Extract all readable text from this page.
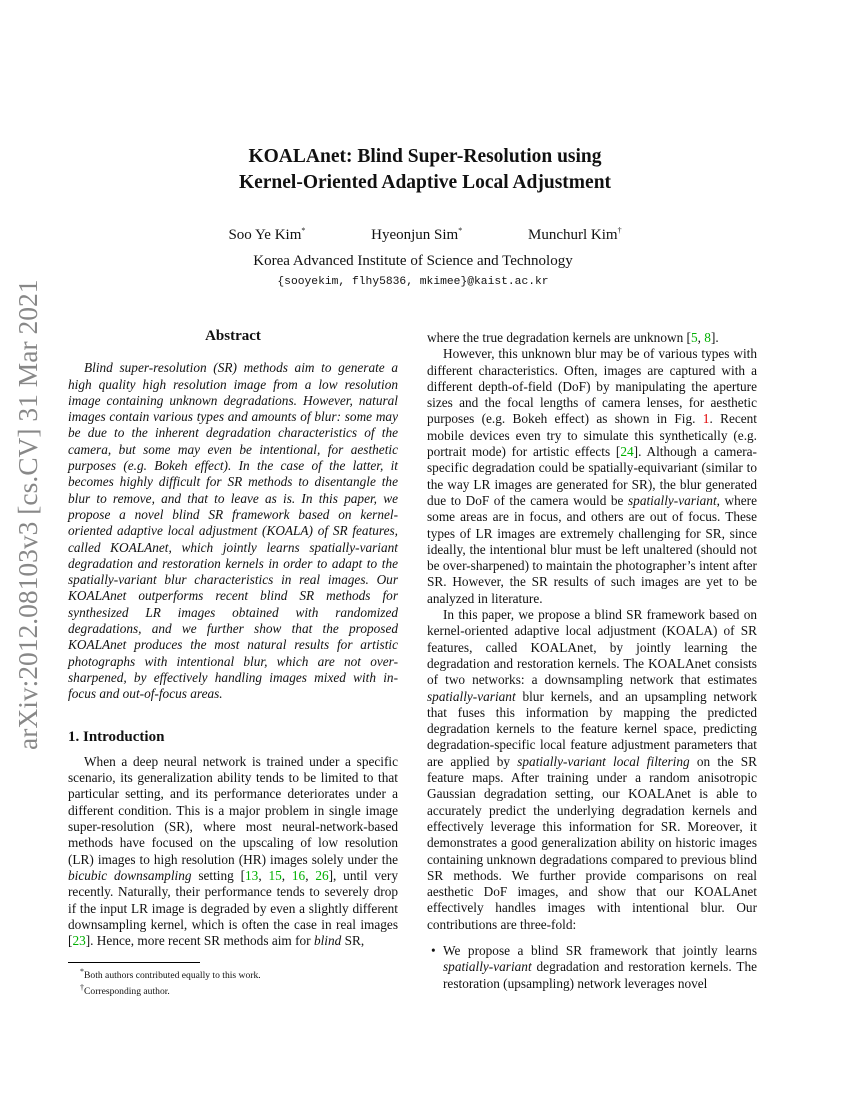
arXiv:2012.08103v3 [cs.CV] 31 Mar 2021
KOALAnet: Blind Super-Resolution using
Kernel-Oriented Adaptive Local Adjustment
Soo Ye Kim*	Hyeonjun Sim*	Munchurl Kim†
Korea Advanced Institute of Science and Technology
{sooyekim, flhy5836, mkimee}@kaist.ac.kr
Abstract

Blind super-resolution (SR) methods aim to generate a high quality high resolution image from a low resolution image containing unknown degradations. However, natural images contain various types and amounts of blur: some may be due to the inherent degradation characteristics of the camera, but some may even be intentional, for aesthetic purposes (e.g. Bokeh effect). In the case of the latter, it becomes highly difficult for SR methods to disentangle the blur to remove, and that to leave as is. In this paper, we propose a novel blind SR framework based on kernel-oriented adaptive local adjustment (KOALA) of SR features, called KOALAnet, which jointly learns spatially-variant degradation and restoration kernels in order to adapt to the spatially-variant blur characteristics in real images. Our KOALAnet outperforms recent blind SR methods for synthesized LR images obtained with randomized degradations, and we further show that the proposed KOALAnet produces the most natural results for artistic photographs with intentional blur, which are not over-sharpened, by effectively handling images mixed with in-focus and out-of-focus areas.

1. Introduction

When a deep neural network is trained under a specific scenario, its generalization ability tends to be limited to that particular setting, and its performance deteriorates under a different condition. This is a major problem in single image super-resolution (SR), where most neural-network-based methods have focused on the upscaling of low resolution (LR) images to high resolution (HR) images solely under the bicubic downsampling setting [13, 15, 16, 26], until very recently. Naturally, their performance tends to severely drop if the input LR image is degraded by even a slightly different downsampling kernel, which is often the case in real images [23]. Hence, more recent SR methods aim for blind SR,

where the true degradation kernels are unknown [5, 8].

However, this unknown blur may be of various types with different characteristics. Often, images are captured with a different depth-of-field (DoF) by manipulating the aperture sizes and the focal lengths of camera lenses, for aesthetic purposes (e.g. Bokeh effect) as shown in Fig. 1. Recent mobile devices even try to simulate this synthetically (e.g. portrait mode) for artistic effects [24]. Although a camera-specific degradation could be spatially-equivariant (similar to the way LR images are generated for SR), the blur generated due to DoF of the camera would be spatially-variant, where some areas are in focus, and others are out of focus. These types of LR images are extremely challenging for SR, since ideally, the intentional blur must be left unaltered (should not be over-sharpened) to maintain the photographer’s intent after SR. However, the SR results of such images are yet to be analyzed in literature.

In this paper, we propose a blind SR framework based on kernel-oriented adaptive local adjustment (KOALA) of SR features, called KOALAnet, by jointly learning the degradation and restoration kernels. The KOALAnet consists of two networks: a downsampling network that estimates spatially-variant blur kernels, and an upsampling network that fuses this information by mapping the predicted degradation kernels to the feature kernel space, predicting degradation-specific local feature adjustment parameters that are applied by spatially-variant local filtering on the SR feature maps. After training under a random anisotropic Gaussian degradation setting, our KOALAnet is able to accurately predict the underlying degradation kernels and effectively leverage this information for SR. Moreover, it demonstrates a good generalization ability on historic images containing unknown degradations compared to previous blind SR methods. We further provide comparisons on real aesthetic DoF images, and show that our KOALAnet effectively handles images with intentional blur. Our contributions are three-fold:

• We propose a blind SR framework that jointly learns spatially-variant degradation and restoration kernels. The restoration (upsampling) network leverages novel
*Both authors contributed equally to this work.
†Corresponding author.
